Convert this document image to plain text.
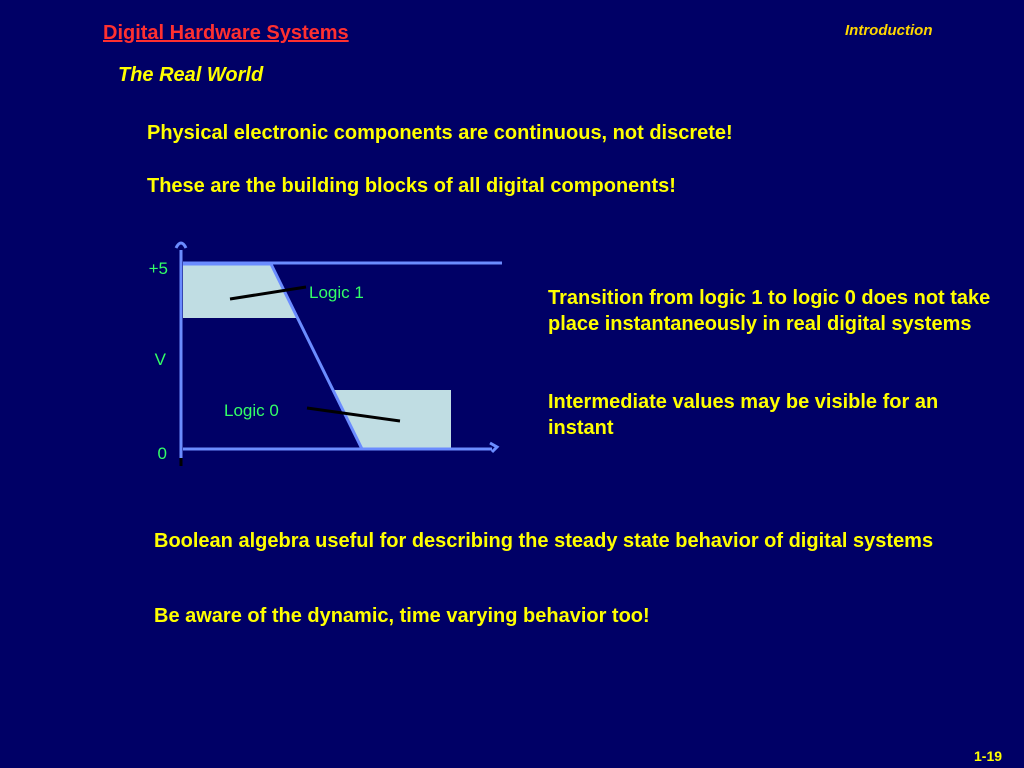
Digital Hardware Systems	Introduction
The Real World
Physical electronic components are continuous, not discrete!
These are the building blocks of all digital components!
+5
V
0
Logic 1
Logic 0
Transition from logic 1 to logic 0 does not take place instantaneously in real digital systems
Intermediate values may be visible for an instant
Boolean algebra useful for describing the steady state behavior of digital systems
Be aware of the dynamic, time varying behavior too!
1-19
